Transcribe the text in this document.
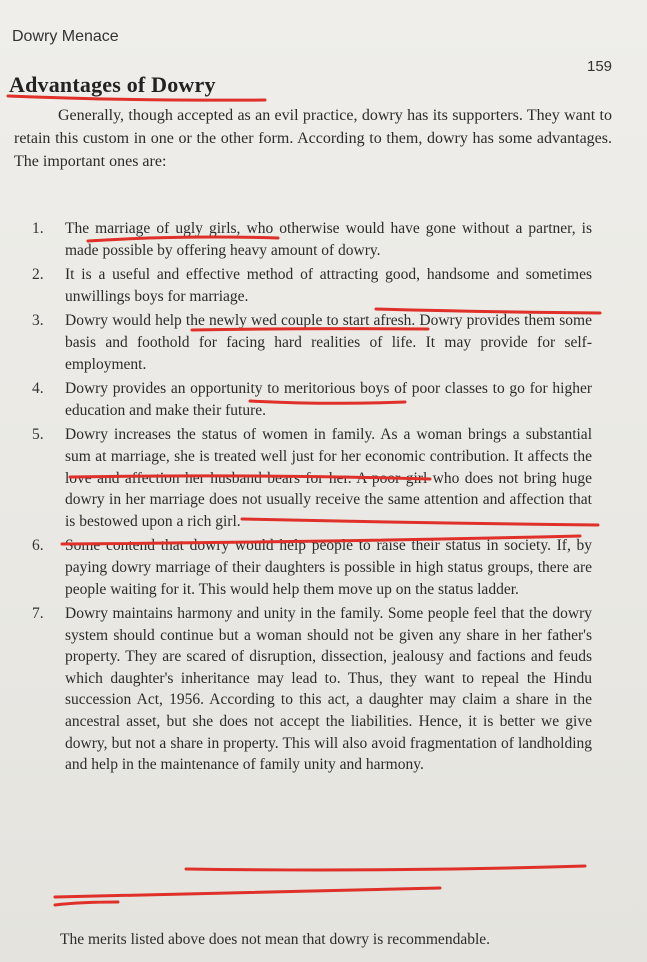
Dowry Menace
159
Advantages of Dowry

Generally, though accepted as an evil practice, dowry has its supporters. They want to retain this custom in one or the other form. According to them, dowry has some advantages. The important ones are:

1. The marriage of ugly girls, who otherwise would have gone without a partner, is made possible by offering heavy amount of dowry.
2. It is a useful and effective method of attracting good, handsome and sometimes unwillings boys for marriage.
3. Dowry would help the newly wed couple to start afresh. Dowry provides them some basis and foothold for facing hard realities of life. It may provide for self-employment.
4. Dowry provides an opportunity to meritorious boys of poor classes to go for higher education and make their future.
5. Dowry increases the status of women in family. As a woman brings a substantial sum at marriage, she is treated well just for her economic contribution. It affects the love and affection her husband bears for her. A poor girl who does not bring huge dowry in her marriage does not usually receive the same attention and affection that is bestowed upon a rich girl.
6. Some contend that dowry would help people to raise their status in society. If, by paying dowry marriage of their daughters is possible in high status groups, there are people waiting for it. This would help them move up on the status ladder.
7. Dowry maintains harmony and unity in the family. Some people feel that the dowry system should continue but a woman should not be given any share in her father's property. They are scared of disruption, dissection, jealousy and factions and feuds which daughter's inheritance may lead to. Thus, they want to repeal the Hindu succession Act, 1956. According to this act, a daughter may claim a share in the ancestral asset, but she does not accept the liabilities. Hence, it is better we give dowry, but not a share in property. This will also avoid fragmentation of landholding and help in the maintenance of family unity and harmony.

The merits listed above does not mean that dowry is recommendable.
